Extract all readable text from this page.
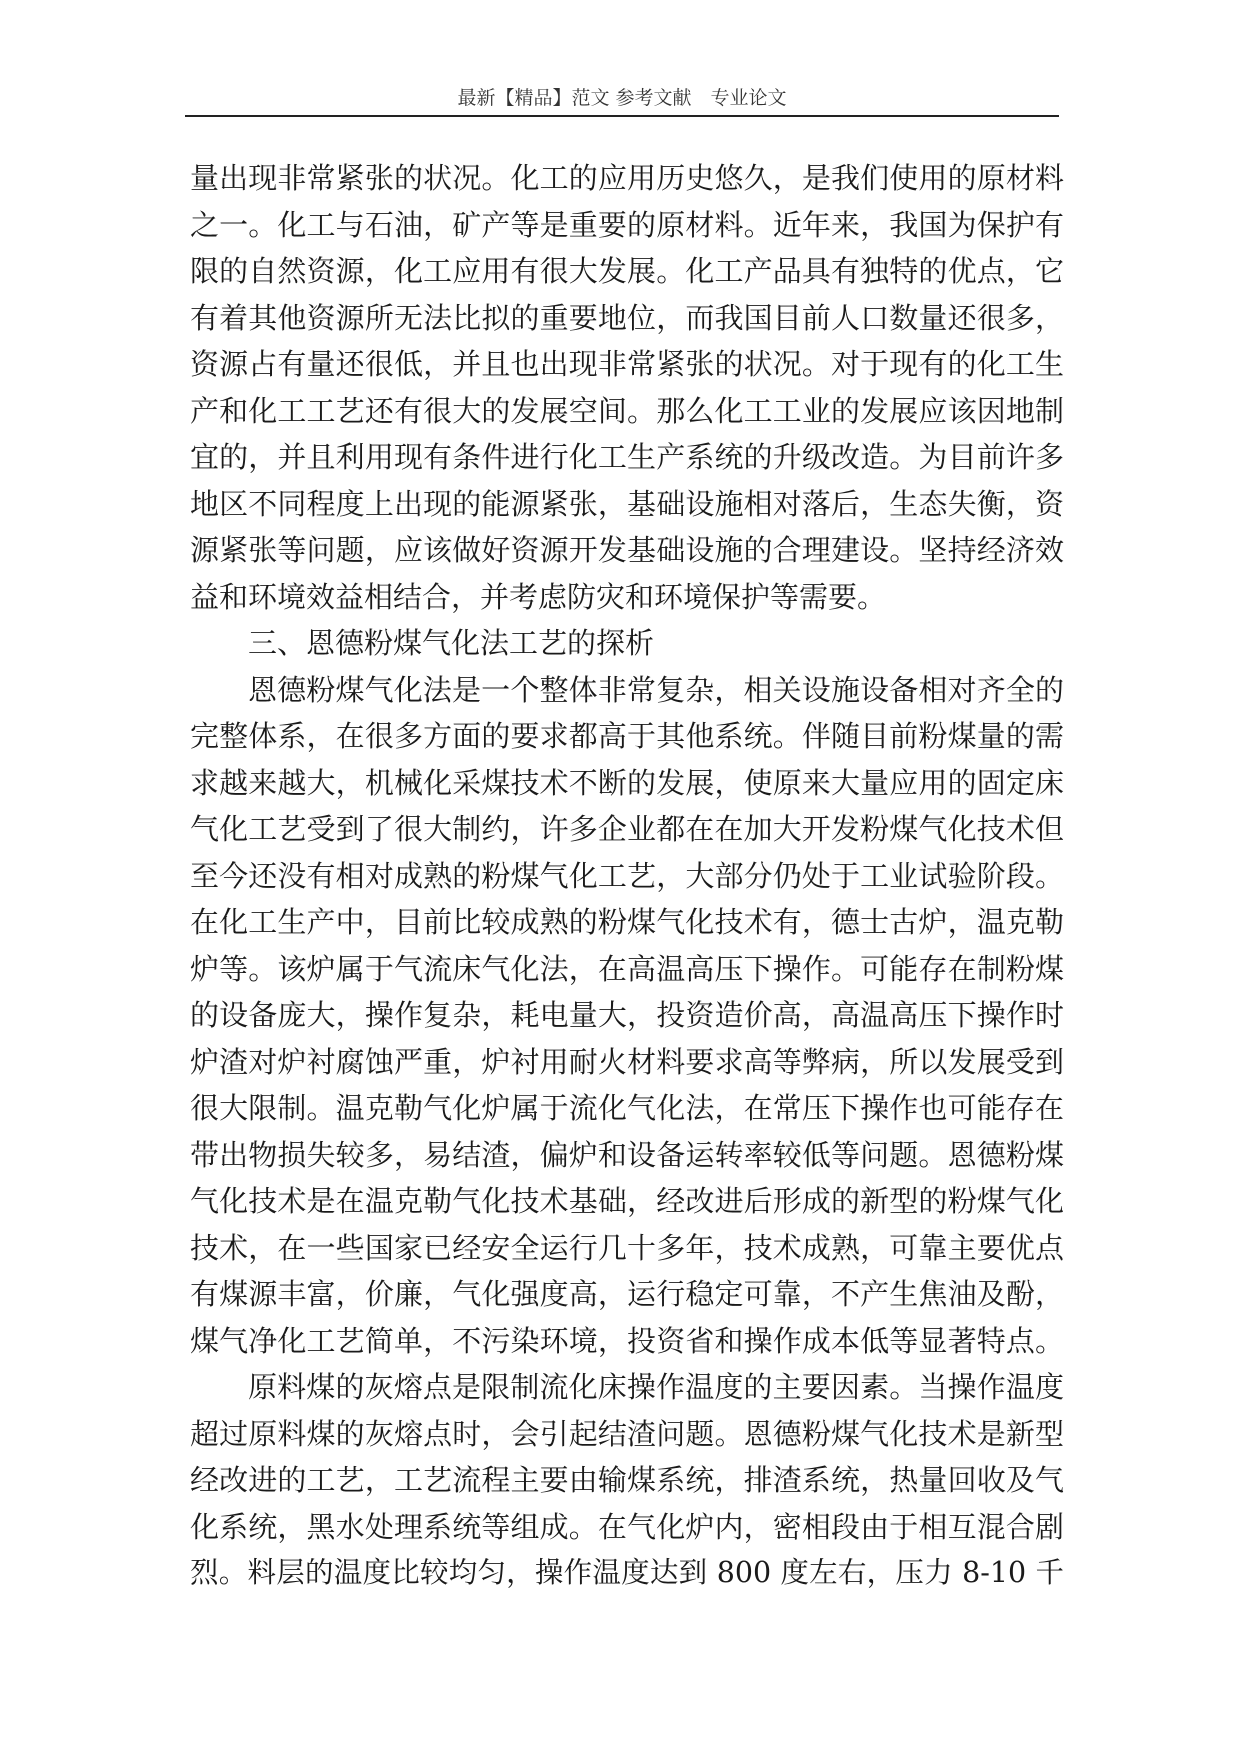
最新【精品】范文 参考文献　专业论文
量出现非常紧张的状况。化工的应用历史悠久，是我们使用的原材料
之一。化工与石油，矿产等是重要的原材料。近年来，我国为保护有
限的自然资源，化工应用有很大发展。化工产品具有独特的优点，它
有着其他资源所无法比拟的重要地位，而我国目前人口数量还很多，
资源占有量还很低，并且也出现非常紧张的状况。对于现有的化工生
产和化工工艺还有很大的发展空间。那么化工工业的发展应该因地制
宜的，并且利用现有条件进行化工生产系统的升级改造。为目前许多
地区不同程度上出现的能源紧张，基础设施相对落后，生态失衡，资
源紧张等问题，应该做好资源开发基础设施的合理建设。坚持经济效
益和环境效益相结合，并考虑防灾和环境保护等需要。
三、恩德粉煤气化法工艺的探析
恩德粉煤气化法是一个整体非常复杂，相关设施设备相对齐全的
完整体系，在很多方面的要求都高于其他系统。伴随目前粉煤量的需
求越来越大，机械化采煤技术不断的发展，使原来大量应用的固定床
气化工艺受到了很大制约，许多企业都在在加大开发粉煤气化技术但
至今还没有相对成熟的粉煤气化工艺，大部分仍处于工业试验阶段。
在化工生产中，目前比较成熟的粉煤气化技术有，德士古炉，温克勒
炉等。该炉属于气流床气化法，在高温高压下操作。可能存在制粉煤
的设备庞大，操作复杂，耗电量大，投资造价高，高温高压下操作时
炉渣对炉衬腐蚀严重，炉衬用耐火材料要求高等弊病，所以发展受到
很大限制。温克勒气化炉属于流化气化法，在常压下操作也可能存在
带出物损失较多，易结渣，偏炉和设备运转率较低等问题。恩德粉煤
气化技术是在温克勒气化技术基础，经改进后形成的新型的粉煤气化
技术，在一些国家已经安全运行几十多年，技术成熟，可靠主要优点
有煤源丰富，价廉，气化强度高，运行稳定可靠，不产生焦油及酚，
煤气净化工艺简单，不污染环境，投资省和操作成本低等显著特点。
原料煤的灰熔点是限制流化床操作温度的主要因素。当操作温度
超过原料煤的灰熔点时，会引起结渣问题。恩德粉煤气化技术是新型
经改进的工艺，工艺流程主要由输煤系统，排渣系统，热量回收及气
化系统，黑水处理系统等组成。在气化炉内，密相段由于相互混合剧
烈。料层的温度比较均匀，操作温度达到 800 度左右，压力 8-10 千
